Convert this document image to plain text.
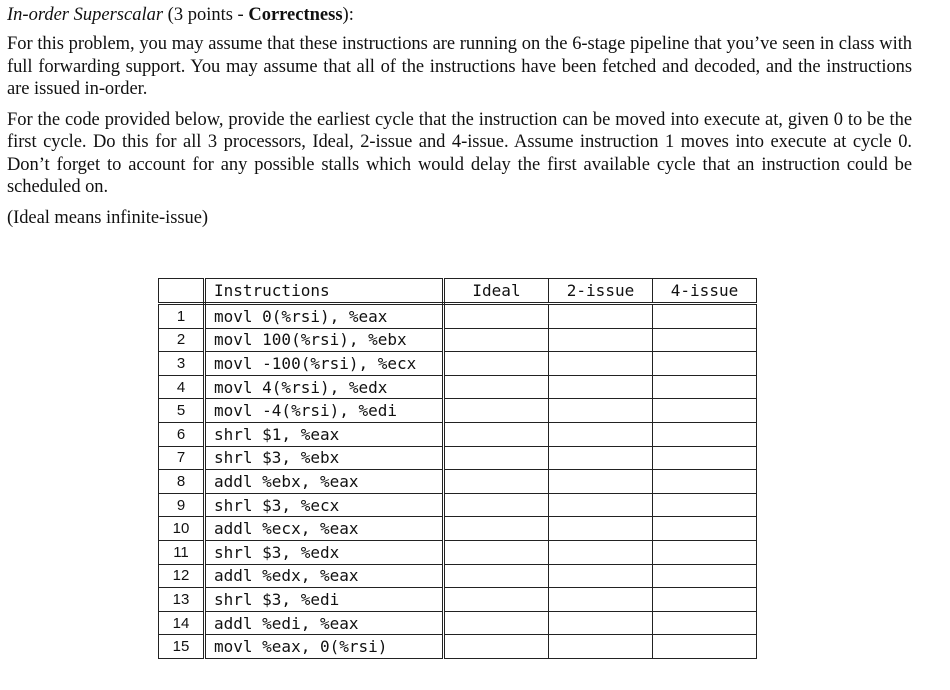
In-order Superscalar (3 points - Correctness):

For this problem, you may assume that these instructions are running on the 6-stage pipeline that you’ve seen in class with full forwarding support. You may assume that all of the instructions have been fetched and decoded, and the instructions are issued in-order.

For the code provided below, provide the earliest cycle that the instruction can be moved into execute at, given 0 to be the first cycle. Do this for all 3 processors, Ideal, 2-issue and 4-issue. Assume instruction 1 moves into execute at cycle 0. Don’t forget to account for any possible stalls which would delay the first available cycle that an instruction could be scheduled on.

(Ideal means infinite-issue)

	Instructions	Ideal	2-issue	4-issue
1	movl 0(%rsi), %eax			
2	movl 100(%rsi), %ebx			
3	movl -100(%rsi), %ecx			
4	movl 4(%rsi), %edx			
5	movl -4(%rsi), %edi			
6	shrl $1, %eax			
7	shrl $3, %ebx			
8	addl %ebx, %eax			
9	shrl $3, %ecx			
10	addl %ecx, %eax			
11	shrl $3, %edx			
12	addl %edx, %eax			
13	shrl $3, %edi			
14	addl %edi, %eax			
15	movl %eax, 0(%rsi)			
